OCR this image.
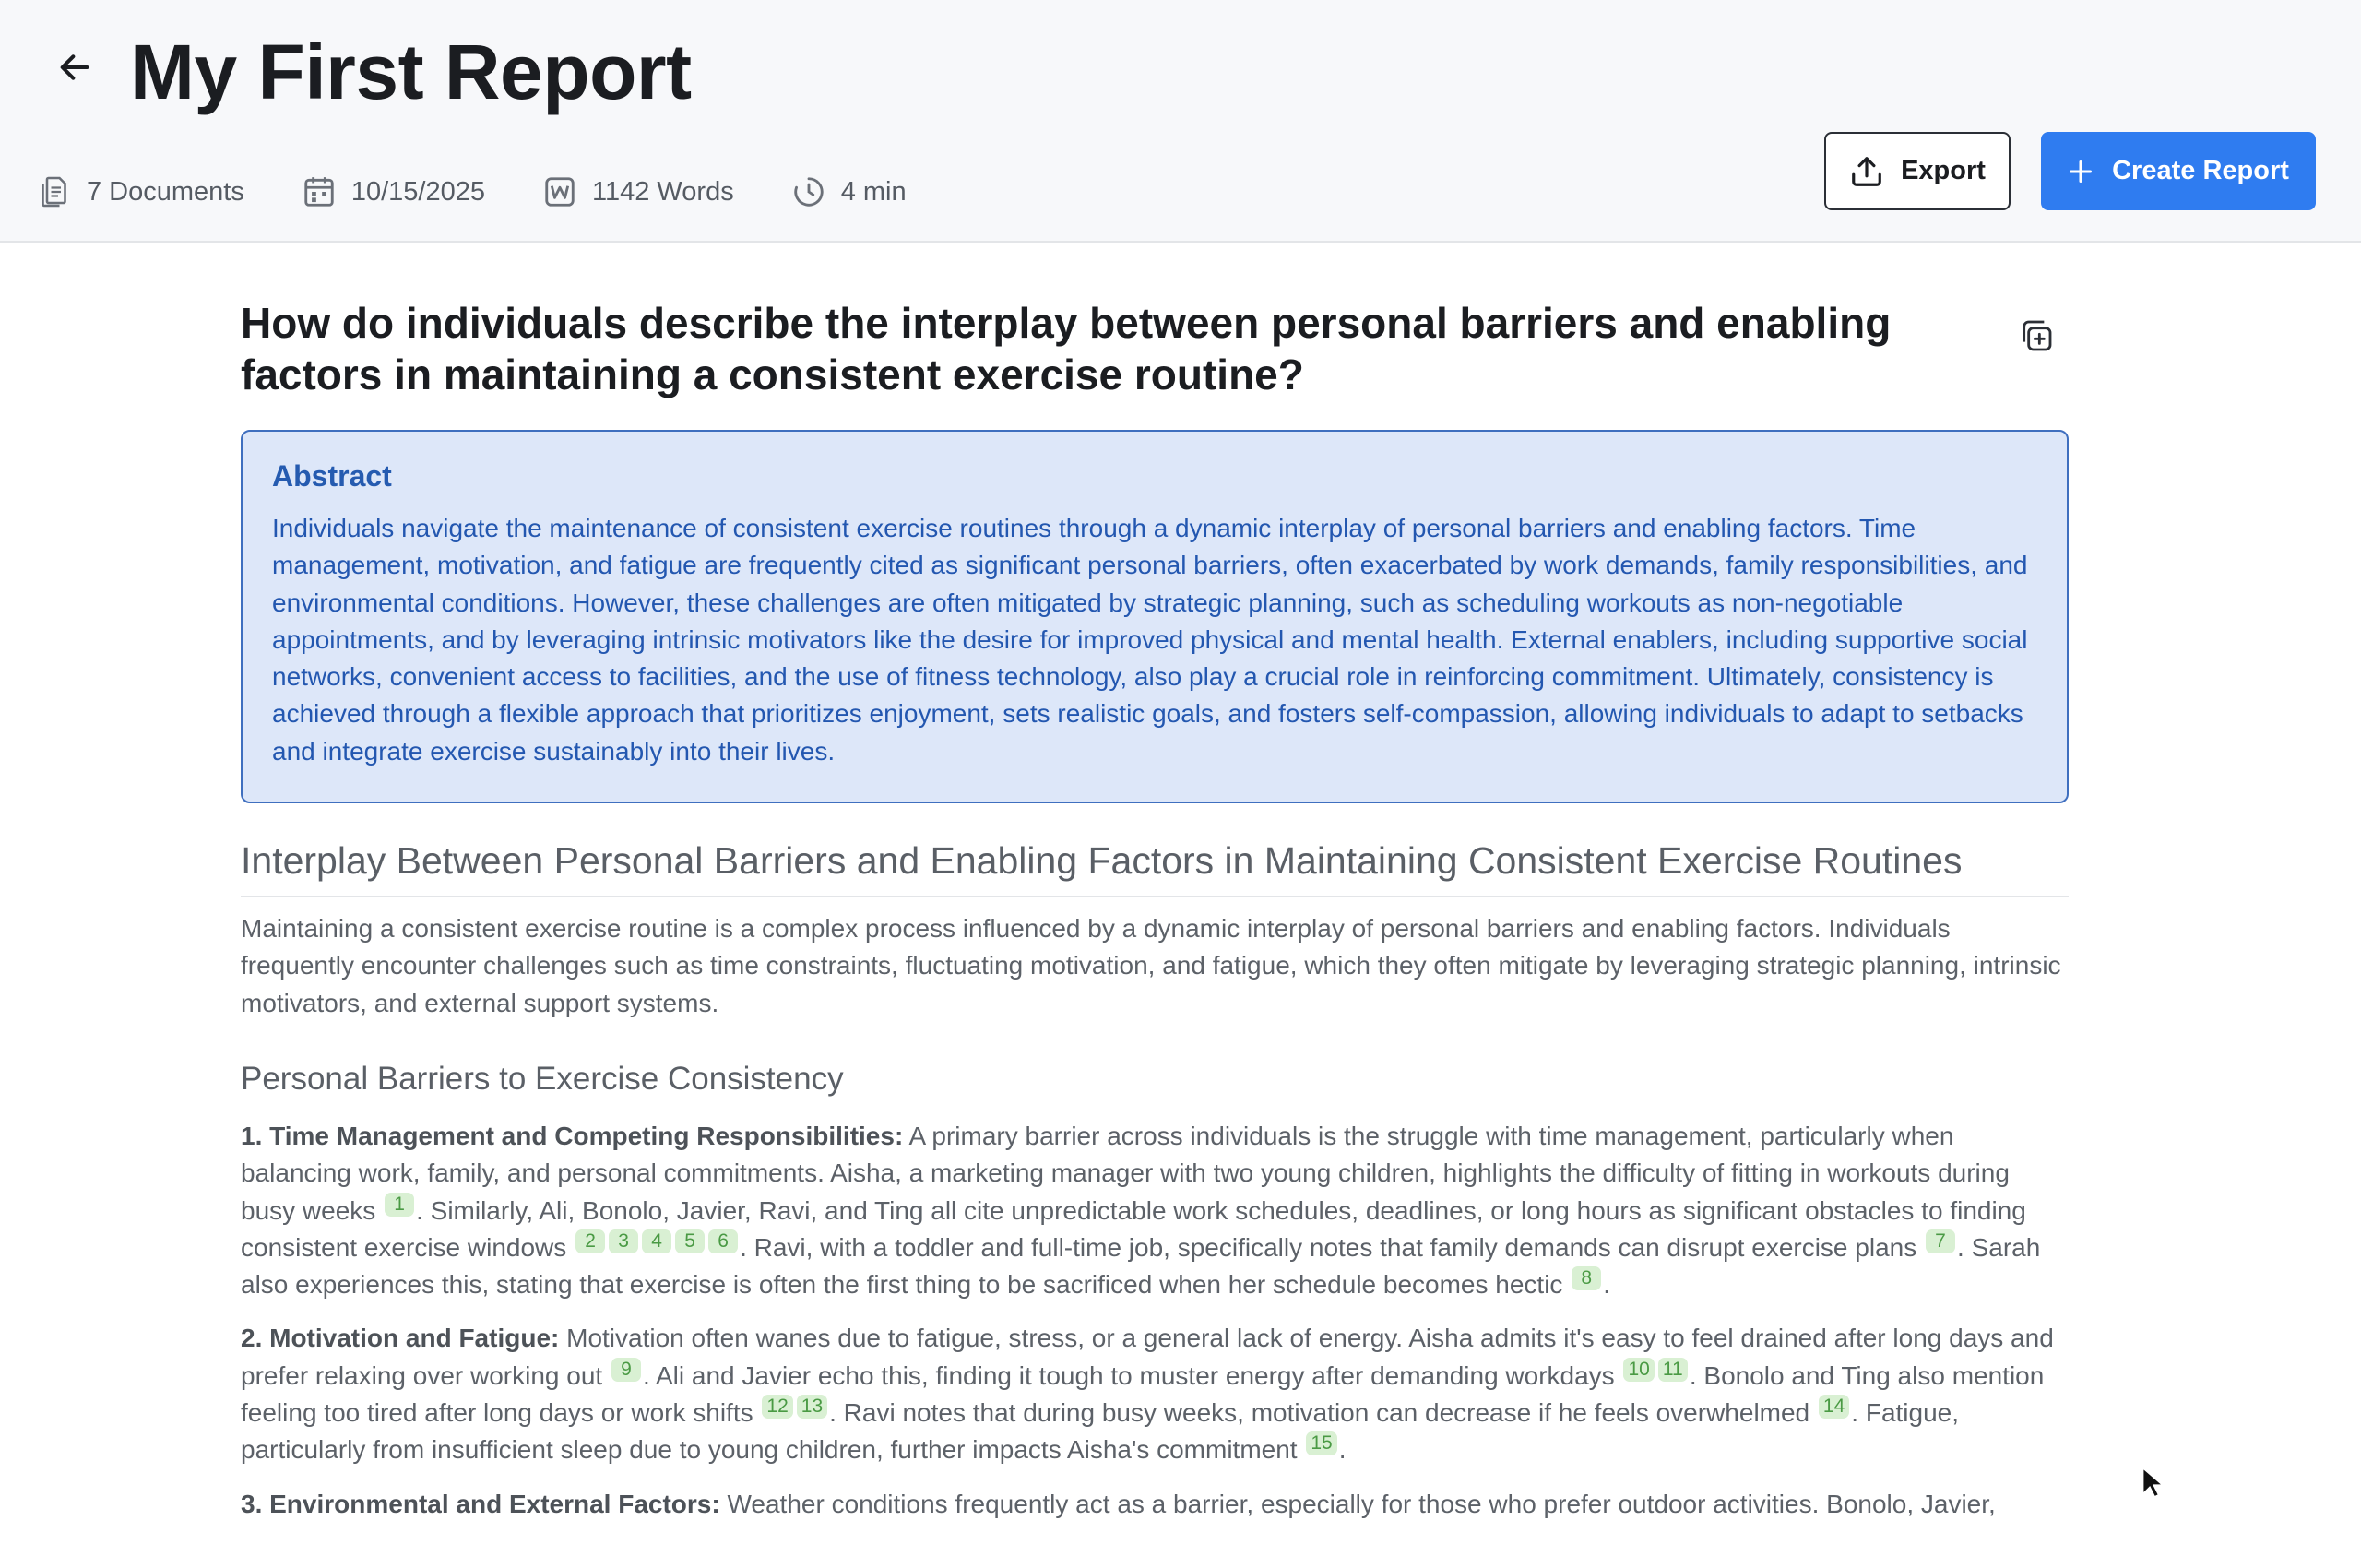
My First Report
7 Documents	10/15/2025	1142 Words	4 min
Export	Create Report
How do individuals describe the interplay between personal barriers and enabling factors in maintaining a consistent exercise routine?
Abstract
Individuals navigate the maintenance of consistent exercise routines through a dynamic interplay of personal barriers and enabling factors. Time management, motivation, and fatigue are frequently cited as significant personal barriers, often exacerbated by work demands, family responsibilities, and environmental conditions. However, these challenges are often mitigated by strategic planning, such as scheduling workouts as non-negotiable appointments, and by leveraging intrinsic motivators like the desire for improved physical and mental health. External enablers, including supportive social networks, convenient access to facilities, and the use of fitness technology, also play a crucial role in reinforcing commitment. Ultimately, consistency is achieved through a flexible approach that prioritizes enjoyment, sets realistic goals, and fosters self-compassion, allowing individuals to adapt to setbacks and integrate exercise sustainably into their lives.
Interplay Between Personal Barriers and Enabling Factors in Maintaining Consistent Exercise Routines
Maintaining a consistent exercise routine is a complex process influenced by a dynamic interplay of personal barriers and enabling factors. Individuals frequently encounter challenges such as time constraints, fluctuating motivation, and fatigue, which they often mitigate by leveraging strategic planning, intrinsic motivators, and external support systems.
Personal Barriers to Exercise Consistency
1. Time Management and Competing Responsibilities: A primary barrier across individuals is the struggle with time management, particularly when balancing work, family, and personal commitments. Aisha, a marketing manager with two young children, highlights the difficulty of fitting in workouts during busy weeks 1 . Similarly, Ali, Bonolo, Javier, Ravi, and Ting all cite unpredictable work schedules, deadlines, or long hours as significant obstacles to finding consistent exercise windows 2 3 4 5 6 . Ravi, with a toddler and full-time job, specifically notes that family demands can disrupt exercise plans 7 . Sarah also experiences this, stating that exercise is often the first thing to be sacrificed when her schedule becomes hectic 8 .
2. Motivation and Fatigue: Motivation often wanes due to fatigue, stress, or a general lack of energy. Aisha admits it's easy to feel drained after long days and prefer relaxing over working out 9 . Ali and Javier echo this, finding it tough to muster energy after demanding workdays 10 11 . Bonolo and Ting also mention feeling too tired after long days or work shifts 12 13 . Ravi notes that during busy weeks, motivation can decrease if he feels overwhelmed 14 . Fatigue, particularly from insufficient sleep due to young children, further impacts Aisha's commitment 15 .
3. Environmental and External Factors: Weather conditions frequently act as a barrier, especially for those who prefer outdoor activities. Bonolo, Javier,
